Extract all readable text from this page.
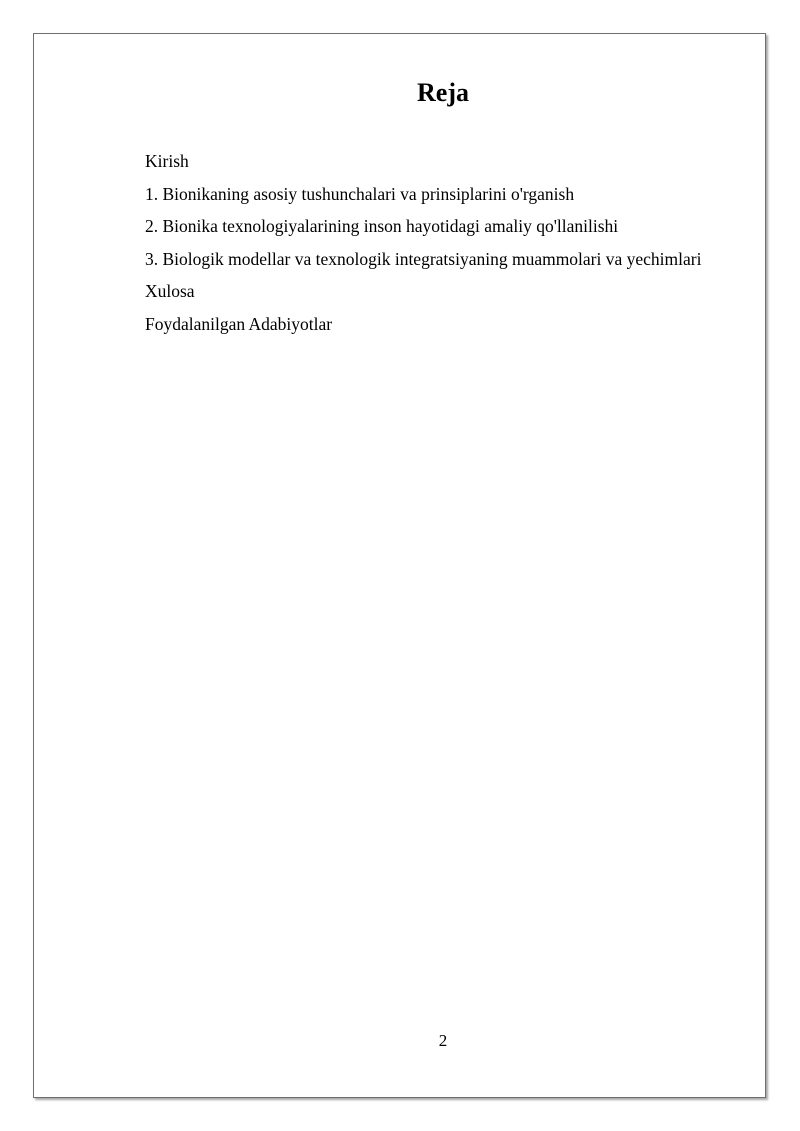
Reja
Kirish
1. Bionikaning asosiy tushunchalari va prinsiplarini o'rganish
2. Bionika texnologiyalarining inson hayotidagi amaliy qo'llanilishi
3. Biologik modellar va texnologik integratsiyaning muammolari va yechimlari
Xulosa
Foydalanilgan Adabiyotlar
2
